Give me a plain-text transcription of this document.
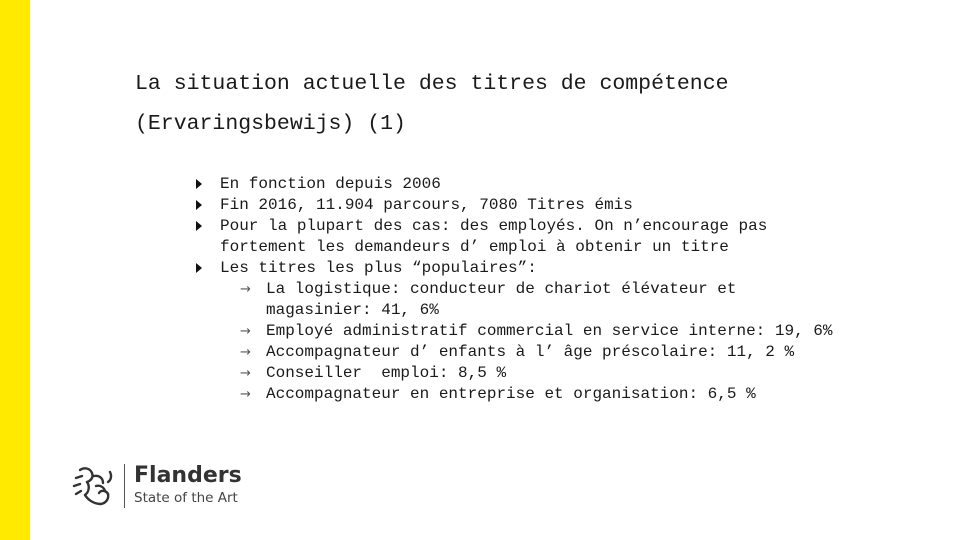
La situation actuelle des titres de compétence
(Ervaringsbewijs) (1)
En fonction depuis 2006
Fin 2016, 11.904 parcours, 7080 Titres émis
Pour la plupart des cas: des employés. On n’encourage pas fortement les demandeurs d’ emploi à obtenir un titre
Les titres les plus “populaires”:
→ La logistique: conducteur de chariot élévateur et magasinier: 41, 6%
→ Employé administratif commercial en service interne: 19, 6%
→ Accompagnateur d’ enfants à l’ âge préscolaire: 11, 2 %
→ Conseiller  emploi: 8,5 %
→ Accompagnateur en entreprise et organisation: 6,5 %
Flanders
State of the Art
